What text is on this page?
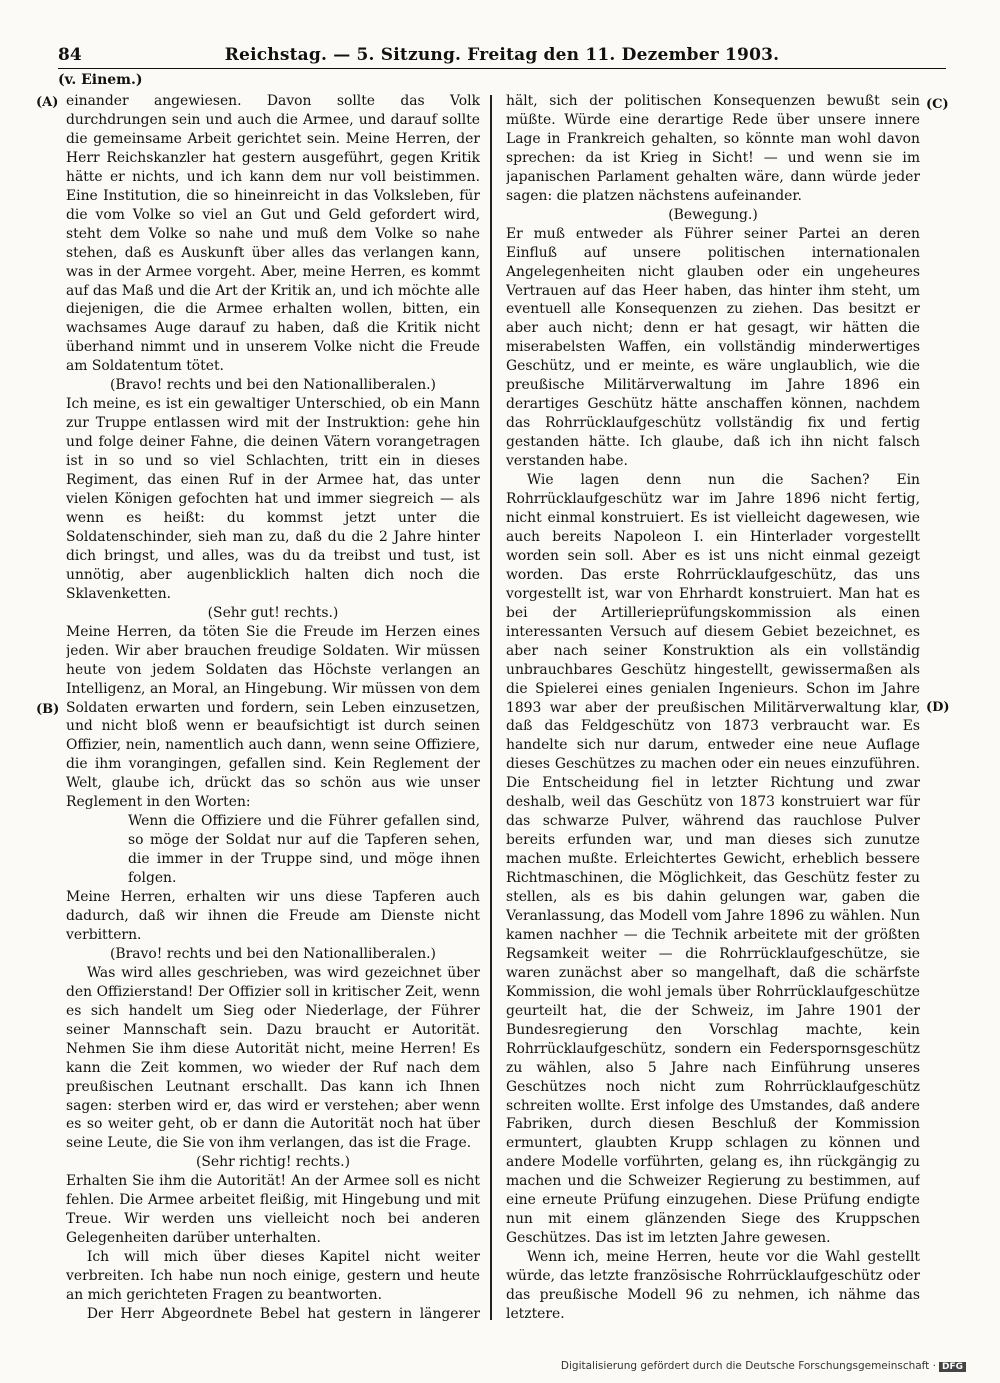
84	Reichstag. — 5. Sitzung. Freitag den 11. Dezember 1903.
(v. Einem.)
(A)
(B)
(C)
(D)

einander angewiesen. Davon sollte das Volk durchdrungen sein und auch die Armee, und darauf sollte die gemeinsame Arbeit gerichtet sein. Meine Herren, der Herr Reichskanzler hat gestern ausgeführt, gegen Kritik hätte er nichts, und ich kann dem nur voll beistimmen. Eine Institution, die so hineinreicht in das Volksleben, für die vom Volke so viel an Gut und Geld gefordert wird, steht dem Volke so nahe und muß dem Volke so nahe stehen, daß es Auskunft über alles das verlangen kann, was in der Armee vorgeht. Aber, meine Herren, es kommt auf das Maß und die Art der Kritik an, und ich möchte alle diejenigen, die die Armee erhalten wollen, bitten, ein wachsames Auge darauf zu haben, daß die Kritik nicht überhand nimmt und in unserem Volke nicht die Freude am Soldatentum tötet.

(Bravo! rechts und bei den Nationalliberalen.)

Ich meine, es ist ein gewaltiger Unterschied, ob ein Mann zur Truppe entlassen wird mit der Instruktion: gehe hin und folge deiner Fahne, die deinen Vätern vorangetragen ist in so und so viel Schlachten, tritt ein in dieses Regiment, das einen Ruf in der Armee hat, das unter vielen Königen gefochten hat und immer siegreich — als wenn es heißt: du kommst jetzt unter die Soldatenschinder, sieh man zu, daß du die 2 Jahre hinter dich bringst, und alles, was du da treibst und tust, ist unnötig, aber augenblicklich halten dich noch die Sklavenketten.

(Sehr gut! rechts.)

Meine Herren, da töten Sie die Freude im Herzen eines jeden. Wir aber brauchen freudige Soldaten. Wir müssen heute von jedem Soldaten das Höchste verlangen an Intelligenz, an Moral, an Hingebung. Wir müssen von dem Soldaten erwarten und fordern, sein Leben einzusetzen, und nicht bloß wenn er beaufsichtigt ist durch seinen Offizier, nein, namentlich auch dann, wenn seine Offiziere, die ihm vorangingen, gefallen sind. Kein Reglement der Welt, glaube ich, drückt das so schön aus wie unser Reglement in den Worten:

Wenn die Offiziere und die Führer gefallen sind, so möge der Soldat nur auf die Tapferen sehen, die immer in der Truppe sind, und möge ihnen folgen.

Meine Herren, erhalten wir uns diese Tapferen auch dadurch, daß wir ihnen die Freude am Dienste nicht verbittern.

(Bravo! rechts und bei den Nationalliberalen.)

Was wird alles geschrieben, was wird gezeichnet über den Offizierstand! Der Offizier soll in kritischer Zeit, wenn es sich handelt um Sieg oder Niederlage, der Führer seiner Mannschaft sein. Dazu braucht er Autorität. Nehmen Sie ihm diese Autorität nicht, meine Herren! Es kann die Zeit kommen, wo wieder der Ruf nach dem preußischen Leutnant erschallt. Das kann ich Ihnen sagen: sterben wird er, das wird er verstehen; aber wenn es so weiter geht, ob er dann die Autorität noch hat über seine Leute, die Sie von ihm verlangen, das ist die Frage.

(Sehr richtig! rechts.)

Erhalten Sie ihm die Autorität! An der Armee soll es nicht fehlen. Die Armee arbeitet fleißig, mit Hingebung und mit Treue. Wir werden uns vielleicht noch bei anderen Gelegenheiten darüber unterhalten.

Ich will mich über dieses Kapitel nicht weiter verbreiten. Ich habe nun noch einige, gestern und heute an mich gerichteten Fragen zu beantworten.

Der Herr Abgeordnete Bebel hat gestern in längerer

hält, sich der politischen Konsequenzen bewußt sein müßte. Würde eine derartige Rede über unsere innere Lage in Frankreich gehalten, so könnte man wohl davon sprechen: da ist Krieg in Sicht! — und wenn sie im japanischen Parlament gehalten wäre, dann würde jeder sagen: die platzen nächstens aufeinander.

(Bewegung.)

Er muß entweder als Führer seiner Partei an deren Einfluß auf unsere politischen internationalen Angelegenheiten nicht glauben oder ein ungeheures Vertrauen auf das Heer haben, das hinter ihm steht, um eventuell alle Konsequenzen zu ziehen. Das besitzt er aber auch nicht; denn er hat gesagt, wir hätten die miserabelsten Waffen, ein vollständig minderwertiges Geschütz, und er meinte, es wäre unglaublich, wie die preußische Militärverwaltung im Jahre 1896 ein derartiges Geschütz hätte anschaffen können, nachdem das Rohrrücklaufgeschütz vollständig fix und fertig gestanden hätte. Ich glaube, daß ich ihn nicht falsch verstanden habe.

Wie lagen denn nun die Sachen? Ein Rohrrücklaufgeschütz war im Jahre 1896 nicht fertig, nicht einmal konstruiert. Es ist vielleicht dagewesen, wie auch bereits Napoleon I. ein Hinterlader vorgestellt worden sein soll. Aber es ist uns nicht einmal gezeigt worden. Das erste Rohrrücklaufgeschütz, das uns vorgestellt ist, war von Ehrhardt konstruiert. Man hat es bei der Artillerieprüfungskommission als einen interessanten Versuch auf diesem Gebiet bezeichnet, es aber nach seiner Konstruktion als ein vollständig unbrauchbares Geschütz hingestellt, gewissermaßen als die Spielerei eines genialen Ingenieurs. Schon im Jahre 1893 war aber der preußischen Militärverwaltung klar, daß das Feldgeschütz von 1873 verbraucht war. Es handelte sich nur darum, entweder eine neue Auflage dieses Geschützes zu machen oder ein neues einzuführen. Die Entscheidung fiel in letzter Richtung und zwar deshalb, weil das Geschütz von 1873 konstruiert war für das schwarze Pulver, während das rauchlose Pulver bereits erfunden war, und man dieses sich zunutze machen mußte. Erleichtertes Gewicht, erheblich bessere Richtmaschinen, die Möglichkeit, das Geschütz fester zu stellen, als es bis dahin gelungen war, gaben die Veranlassung, das Modell vom Jahre 1896 zu wählen. Nun kamen nachher — die Technik arbeitete mit der größten Regsamkeit weiter — die Rohrrücklaufgeschütze, sie waren zunächst aber so mangelhaft, daß die schärfste Kommission, die wohl jemals über Rohrrücklaufgeschütze geurteilt hat, die der Schweiz, im Jahre 1901 der Bundesregierung den Vorschlag machte, kein Rohrrücklaufgeschütz, sondern ein Federspornsgeschütz zu wählen, also 5 Jahre nach Einführung unseres Geschützes noch nicht zum Rohrrücklaufgeschütz schreiten wollte. Erst infolge des Umstandes, daß andere Fabriken, durch diesen Beschluß der Kommission ermuntert, glaubten Krupp schlagen zu können und andere Modelle vorführten, gelang es, ihn rückgängig zu machen und die Schweizer Regierung zu bestimmen, auf eine erneute Prüfung einzugehen. Diese Prüfung endigte nun mit einem glänzenden Siege des Kruppschen Geschützes. Das ist im letzten Jahre gewesen.

Wenn ich, meine Herren, heute vor die Wahl gestellt würde, das letzte französische Rohrrücklaufgeschütz oder das preußische Modell 96 zu nehmen, ich nähme das letztere.

Digitalisierung gefördert durch die Deutsche Forschungsgemeinschaft · DFG
